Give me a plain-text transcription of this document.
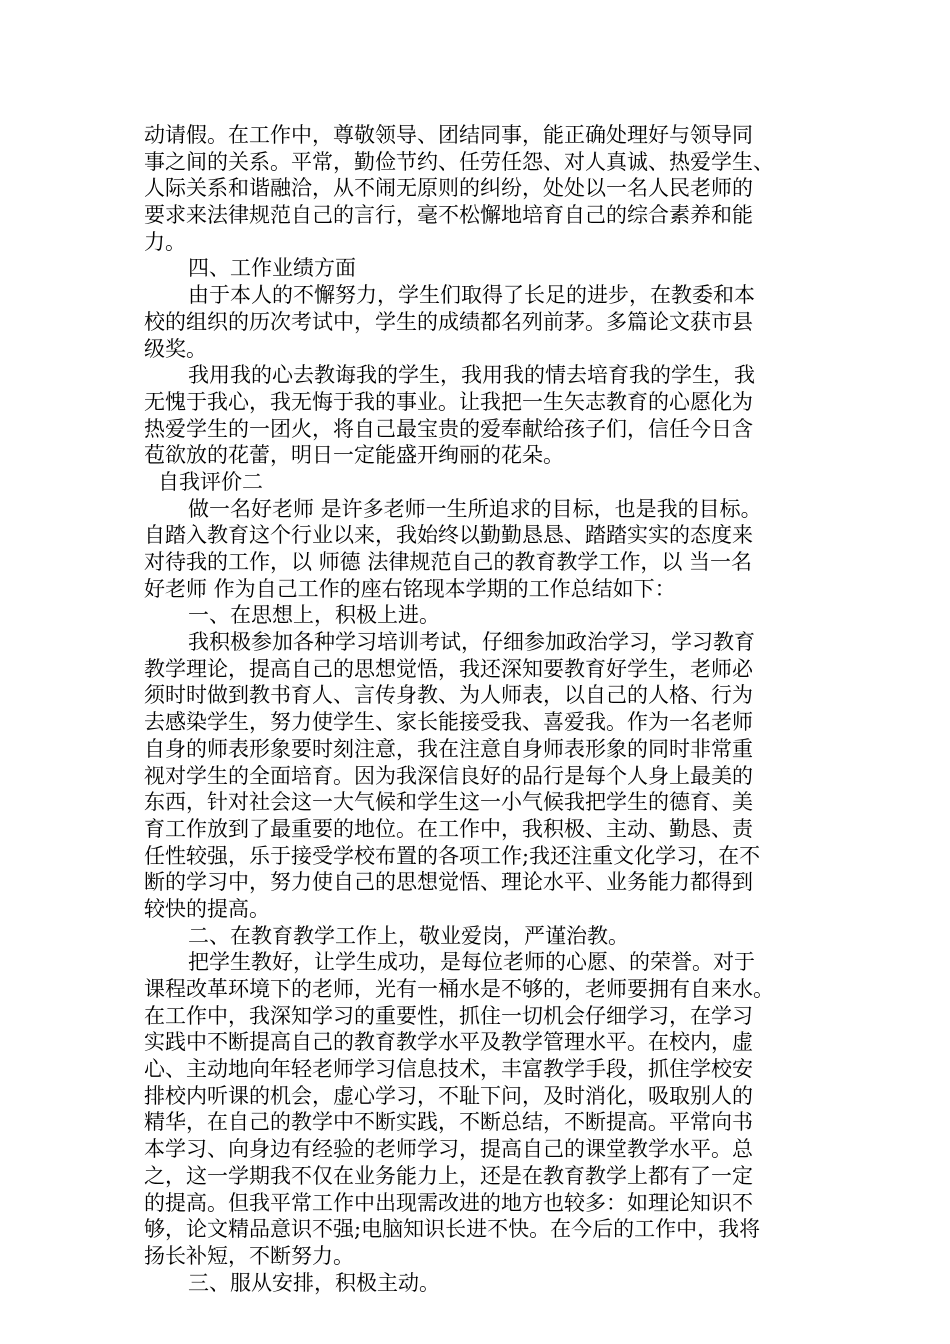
动请假。在工作中，尊敬领导、团结同事，能正确处理好与领导同
事之间的关系。平常，勤俭节约、任劳任怨、对人真诚、热爱学生、
人际关系和谐融洽，从不闹无原则的纠纷，处处以一名人民老师的
要求来法律规范自己的言行，毫不松懈地培育自己的综合素养和能
力。
四、工作业绩方面
由于本人的不懈努力，学生们取得了长足的进步，在教委和本
校的组织的历次考试中，学生的成绩都名列前茅。多篇论文获市县
级奖。
我用我的心去教诲我的学生，我用我的情去培育我的学生，我
无愧于我心，我无悔于我的事业。让我把一生矢志教育的心愿化为
热爱学生的一团火，将自己最宝贵的爱奉献给孩子们，信任今日含
苞欲放的花蕾，明日一定能盛开绚丽的花朵。
自我评价二
做一名好老师 是许多老师一生所追求的目标，也是我的目标。
自踏入教育这个行业以来，我始终以勤勤恳恳、踏踏实实的态度来
对待我的工作，以 师德 法律规范自己的教育教学工作，以 当一名
好老师 作为自己工作的座右铭现本学期的工作总结如下：
一、在思想上，积极上进。
我积极参加各种学习培训考试，仔细参加政治学习，学习教育
教学理论，提高自己的思想觉悟，我还深知要教育好学生，老师必
须时时做到教书育人、言传身教、为人师表，以自己的人格、行为
去感染学生，努力使学生、家长能接受我、喜爱我。作为一名老师
自身的师表形象要时刻注意，我在注意自身师表形象的同时非常重
视对学生的全面培育。因为我深信良好的品行是每个人身上最美的
东西，针对社会这一大气候和学生这一小气候我把学生的德育、美
育工作放到了最重要的地位。在工作中，我积极、主动、勤恳、责
任性较强，乐于接受学校布置的各项工作;我还注重文化学习，在不
断的学习中，努力使自己的思想觉悟、理论水平、业务能力都得到
较快的提高。
二、在教育教学工作上，敬业爱岗，严谨治教。
把学生教好，让学生成功，是每位老师的心愿、的荣誉。对于
课程改革环境下的老师，光有一桶水是不够的，老师要拥有自来水。
在工作中，我深知学习的重要性，抓住一切机会仔细学习，在学习
实践中不断提高自己的教育教学水平及教学管理水平。在校内，虚
心、主动地向年轻老师学习信息技术，丰富教学手段，抓住学校安
排校内听课的机会，虚心学习，不耻下问，及时消化，吸取别人的
精华，在自己的教学中不断实践，不断总结，不断提高。平常向书
本学习、向身边有经验的老师学习，提高自己的课堂教学水平。总
之，这一学期我不仅在业务能力上，还是在教育教学上都有了一定
的提高。但我平常工作中出现需改进的地方也较多：如理论知识不
够，论文精品意识不强;电脑知识长进不快。在今后的工作中，我将
扬长补短，不断努力。
三、服从安排，积极主动。
